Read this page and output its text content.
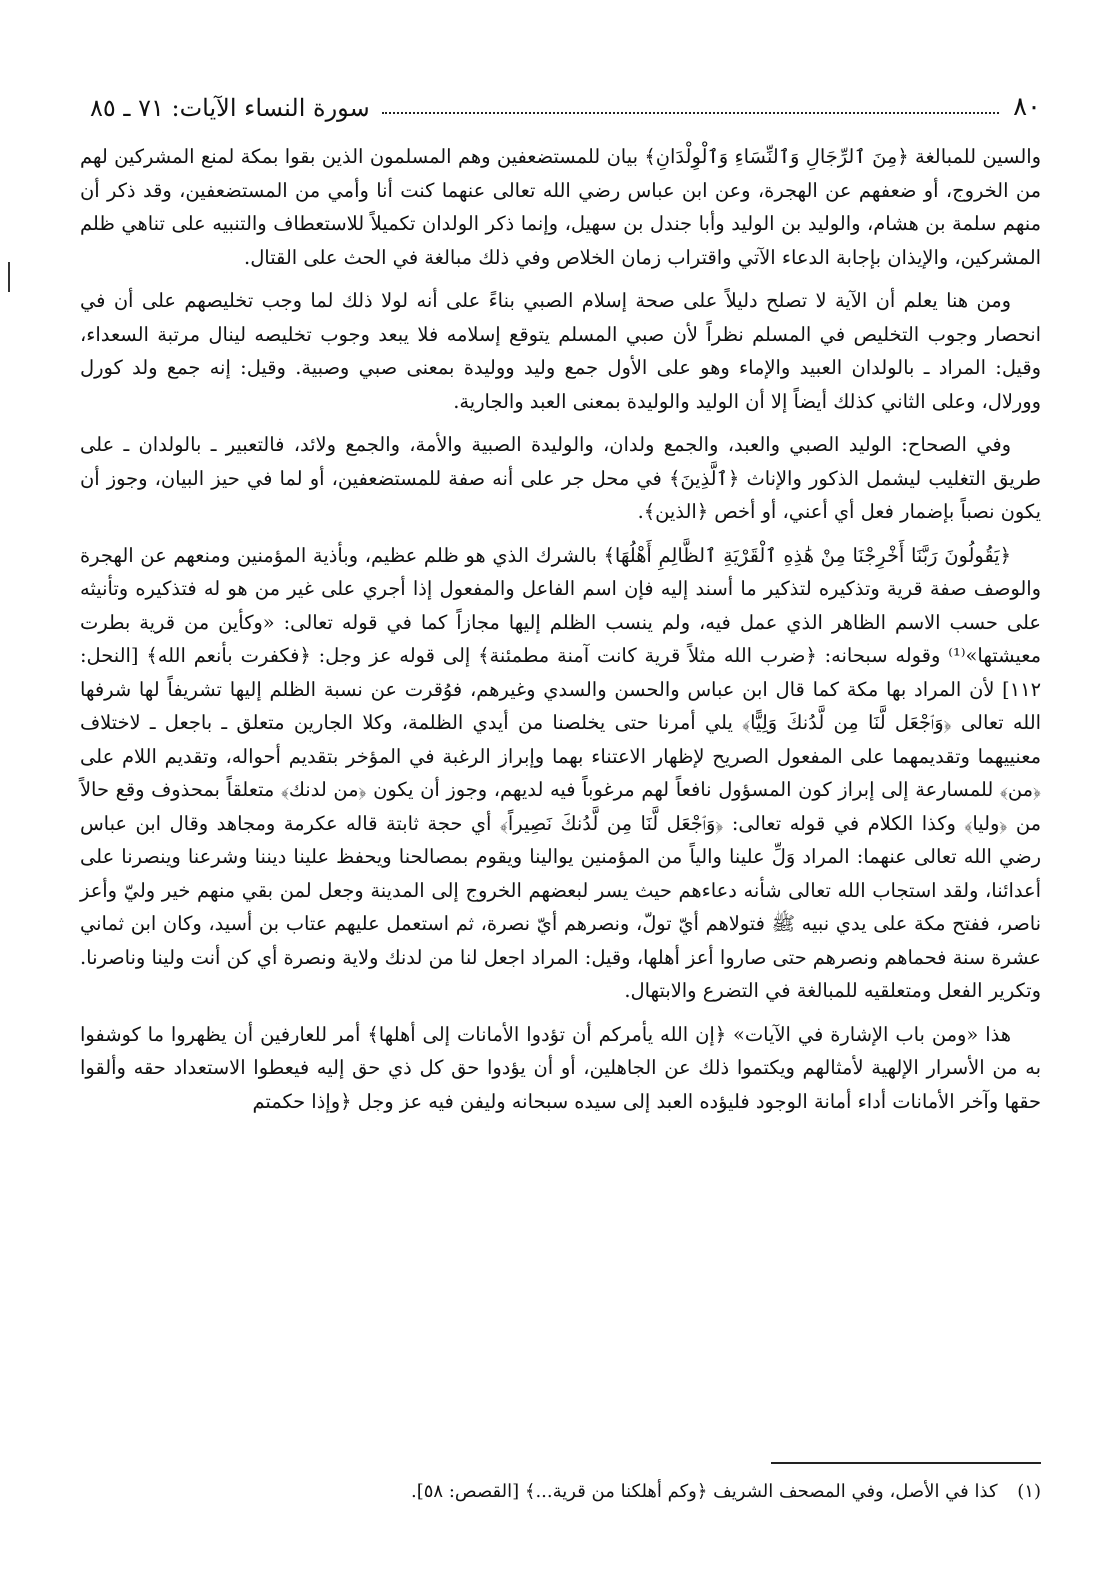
٨٠
سورة النساء الآيات: ٧١ ـ ٨٥

والسين للمبالغة ﴿مِنَ ٱلرِّجَالِ وَٱلنِّسَاءِ وَٱلْوِلْدَانِ﴾ بيان للمستضعفين وهم المسلمون الذين بقوا بمكة لمنع المشركين لهم من الخروج، أو ضعفهم عن الهجرة، وعن ابن عباس رضي الله تعالى عنهما كنت أنا وأمي من المستضعفين، وقد ذكر أن منهم سلمة بن هشام، والوليد بن الوليد وأبا جندل بن سهيل، وإنما ذكر الولدان تكميلاً للاستعطاف والتنبيه على تناهي ظلم المشركين، والإيذان بإجابة الدعاء الآتي واقتراب زمان الخلاص وفي ذلك مبالغة في الحث على القتال.

ومن هنا يعلم أن الآية لا تصلح دليلاً على صحة إسلام الصبي بناءً على أنه لولا ذلك لما وجب تخليصهم على أن في انحصار وجوب التخليص في المسلم نظراً لأن صبي المسلم يتوقع إسلامه فلا يبعد وجوب تخليصه لينال مرتبة السعداء، وقيل: المراد ـ بالولدان العبيد والإماء وهو على الأول جمع وليد ووليدة بمعنى صبي وصبية. وقيل: إنه جمع ولد كورل وورلال، وعلى الثاني كذلك أيضاً إلا أن الوليد والوليدة بمعنى العبد والجارية.

وفي الصحاح: الوليد الصبي والعبد، والجمع ولدان، والوليدة الصبية والأمة، والجمع ولائد، فالتعبير ـ بالولدان ـ على طريق التغليب ليشمل الذكور والإناث ﴿ٱلَّذِينَ﴾ في محل جر على أنه صفة للمستضعفين، أو لما في حيز البيان، وجوز أن يكون نصباً بإضمار فعل أي أعني، أو أخص ﴿الذين﴾.

﴿يَقُولُونَ رَبَّنَا أَخْرِجْنَا مِنْ هَٰذِهِ ٱلْقَرْيَةِ ٱلظَّالِمِ أَهْلُهَا﴾ بالشرك الذي هو ظلم عظيم، وبأذية المؤمنين ومنعهم عن الهجرة والوصف صفة قرية وتذكيره لتذكير ما أسند إليه فإن اسم الفاعل والمفعول إذا أجري على غير من هو له فتذكيره وتأنيثه على حسب الاسم الظاهر الذي عمل فيه، ولم ينسب الظلم إليها مجازاً كما في قوله تعالى: «وكأين من قرية بطرت معيشتها»⁽¹⁾ وقوله سبحانه: ﴿ضرب الله مثلاً قرية كانت آمنة مطمئنة﴾ إلى قوله عز وجل: ﴿فكفرت بأنعم الله﴾ [النحل: ١١٢] لأن المراد بها مكة كما قال ابن عباس والحسن والسدي وغيرهم، فوُقرت عن نسبة الظلم إليها تشريفاً لها شرفها الله تعالى ﴿وَٱجْعَل لَّنَا مِن لَّدُنكَ وَلِيًّا﴾ يلي أمرنا حتى يخلصنا من أيدي الظلمة، وكلا الجارين متعلق ـ باجعل ـ لاختلاف معنييهما وتقديمهما على المفعول الصريح لإظهار الاعتناء بهما وإبراز الرغبة في المؤخر بتقديم أحواله، وتقديم اللام على ﴿من﴾ للمسارعة إلى إبراز كون المسؤول نافعاً لهم مرغوباً فيه لديهم، وجوز أن يكون ﴿من لدنك﴾ متعلقاً بمحذوف وقع حالاً من ﴿وليا﴾ وكذا الكلام في قوله تعالى: ﴿وَٱجْعَل لَّنَا مِن لَّدُنكَ نَصِيراً﴾ أي حجة ثابتة قاله عكرمة ومجاهد وقال ابن عباس رضي الله تعالى عنهما: المراد وَلِّ علينا والياً من المؤمنين يوالينا ويقوم بمصالحنا ويحفظ علينا ديننا وشرعنا وينصرنا على أعدائنا، ولقد استجاب الله تعالى شأنه دعاءهم حيث يسر لبعضهم الخروج إلى المدينة وجعل لمن بقي منهم خير وليّ وأعز ناصر، ففتح مكة على يدي نبيه ﷺ فتولاهم أيّ تولّ، ونصرهم أيّ نصرة، ثم استعمل عليهم عتاب بن أسيد، وكان ابن ثماني عشرة سنة فحماهم ونصرهم حتى صاروا أعز أهلها، وقيل: المراد اجعل لنا من لدنك ولاية ونصرة أي كن أنت ولينا وناصرنا. وتكرير الفعل ومتعلقيه للمبالغة في التضرع والابتهال.

هذا «ومن باب الإشارة في الآيات» ﴿إن الله يأمركم أن تؤدوا الأمانات إلى أهلها﴾ أمر للعارفين أن يظهروا ما كوشفوا به من الأسرار الإلهية لأمثالهم ويكتموا ذلك عن الجاهلين، أو أن يؤدوا حق كل ذي حق إليه فيعطوا الاستعداد حقه وألقوا حقها وآخر الأمانات أداء أمانة الوجود فليؤده العبد إلى سيده سبحانه وليفن فيه عز وجل ﴿وإذا حكمتم

(١) كذا في الأصل، وفي المصحف الشريف ﴿وكم أهلكنا من قرية...﴾ [القصص: ٥٨].
